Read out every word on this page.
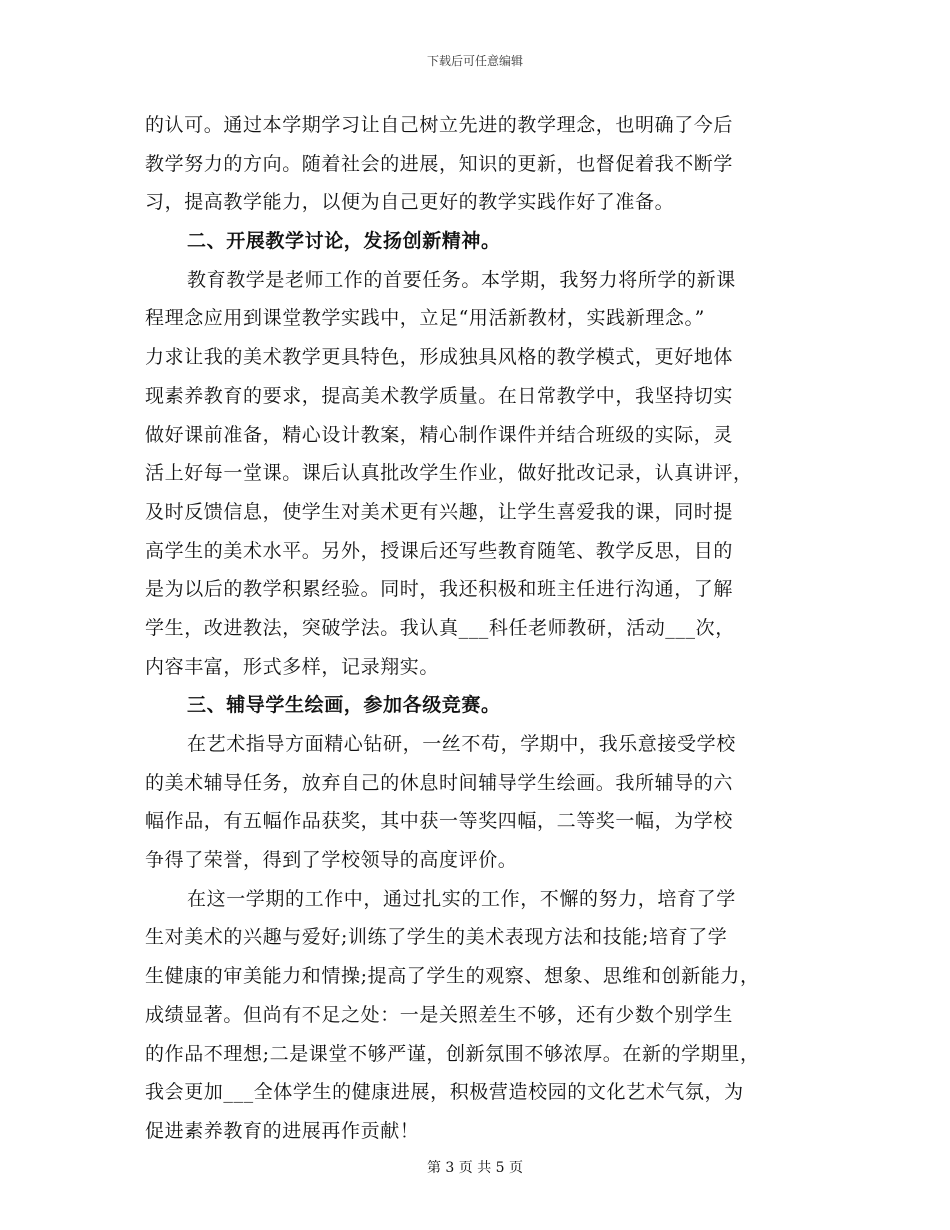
下载后可任意编辑
的认可。通过本学期学习让自己树立先进的教学理念，也明确了今后
教学努力的方向。随着社会的进展，知识的更新，也督促着我不断学
习，提高教学能力，以便为自己更好的教学实践作好了准备。
二、开展教学讨论，发扬创新精神。
教育教学是老师工作的首要任务。本学期，我努力将所学的新课
程理念应用到课堂教学实践中，立足“用活新教材，实践新理念。”
力求让我的美术教学更具特色，形成独具风格的教学模式，更好地体
现素养教育的要求，提高美术教学质量。在日常教学中，我坚持切实
做好课前准备，精心设计教案，精心制作课件并结合班级的实际，灵
活上好每一堂课。课后认真批改学生作业，做好批改记录，认真讲评，
及时反馈信息，使学生对美术更有兴趣，让学生喜爱我的课，同时提
高学生的美术水平。另外，授课后还写些教育随笔、教学反思，目的
是为以后的教学积累经验。同时，我还积极和班主任进行沟通，了解
学生，改进教法，突破学法。我认真___科任老师教研，活动___次，
内容丰富，形式多样，记录翔实。
三、辅导学生绘画，参加各级竞赛。
在艺术指导方面精心钻研，一丝不苟，学期中，我乐意接受学校
的美术辅导任务，放弃自己的休息时间辅导学生绘画。我所辅导的六
幅作品，有五幅作品获奖，其中获一等奖四幅，二等奖一幅，为学校
争得了荣誉，得到了学校领导的高度评价。
在这一学期的工作中，通过扎实的工作，不懈的努力，培育了学
生对美术的兴趣与爱好;训练了学生的美术表现方法和技能;培育了学
生健康的审美能力和情操;提高了学生的观察、想象、思维和创新能力，
成绩显著。但尚有不足之处：一是关照差生不够，还有少数个别学生
的作品不理想;二是课堂不够严谨，创新氛围不够浓厚。在新的学期里，
我会更加___全体学生的健康进展，积极营造校园的文化艺术气氛，为
促进素养教育的进展再作贡献！
第 3 页 共 5 页
